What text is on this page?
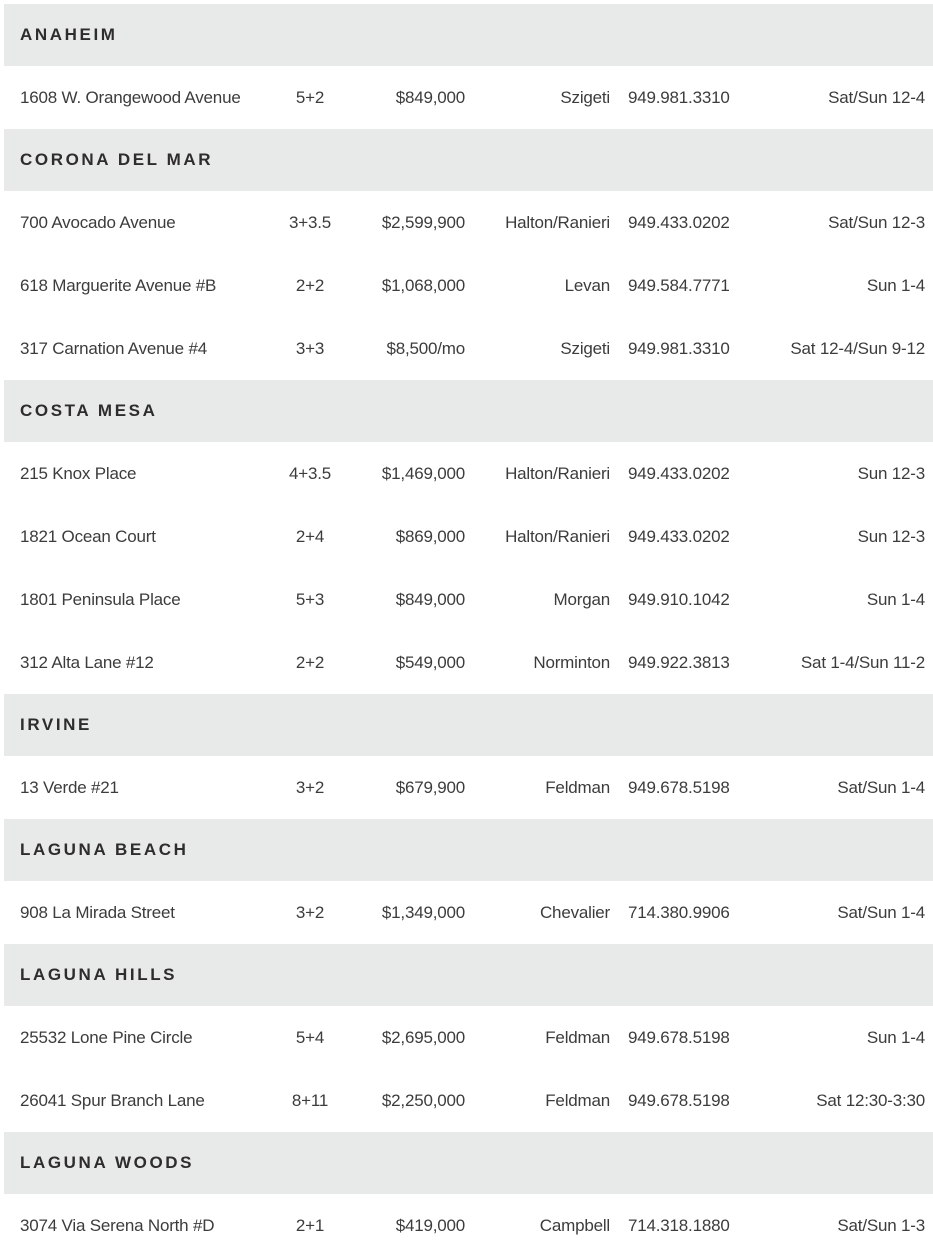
ANAHEIM
1608 W. Orangewood Avenue	5+2	$849,000	Szigeti 949.981.3310	Sat/Sun 12-4
CORONA DEL MAR
700 Avocado Avenue	3+3.5	$2,599,900	Halton/Ranieri 949.433.0202	Sat/Sun 12-3
618 Marguerite Avenue #B	2+2	$1,068,000	Levan 949.584.7771	Sun 1-4
317 Carnation Avenue #4	3+3	$8,500/mo	Szigeti 949.981.3310	Sat 12-4/Sun 9-12
COSTA MESA
215 Knox Place	4+3.5	$1,469,000	Halton/Ranieri 949.433.0202	Sun 12-3
1821 Ocean Court	2+4	$869,000	Halton/Ranieri 949.433.0202	Sun 12-3
1801 Peninsula Place	5+3	$849,000	Morgan 949.910.1042	Sun 1-4
312 Alta Lane #12	2+2	$549,000	Norminton 949.922.3813	Sat 1-4/Sun 11-2
IRVINE
13 Verde #21	3+2	$679,900	Feldman 949.678.5198	Sat/Sun 1-4
LAGUNA BEACH
908 La Mirada Street	3+2	$1,349,000	Chevalier 714.380.9906	Sat/Sun 1-4
LAGUNA HILLS
25532 Lone Pine Circle	5+4	$2,695,000	Feldman 949.678.5198	Sun 1-4
26041 Spur Branch Lane	8+11	$2,250,000	Feldman 949.678.5198	Sat 12:30-3:30
LAGUNA WOODS
3074 Via Serena North #D	2+1	$419,000	Campbell 714.318.1880	Sat/Sun 1-3
